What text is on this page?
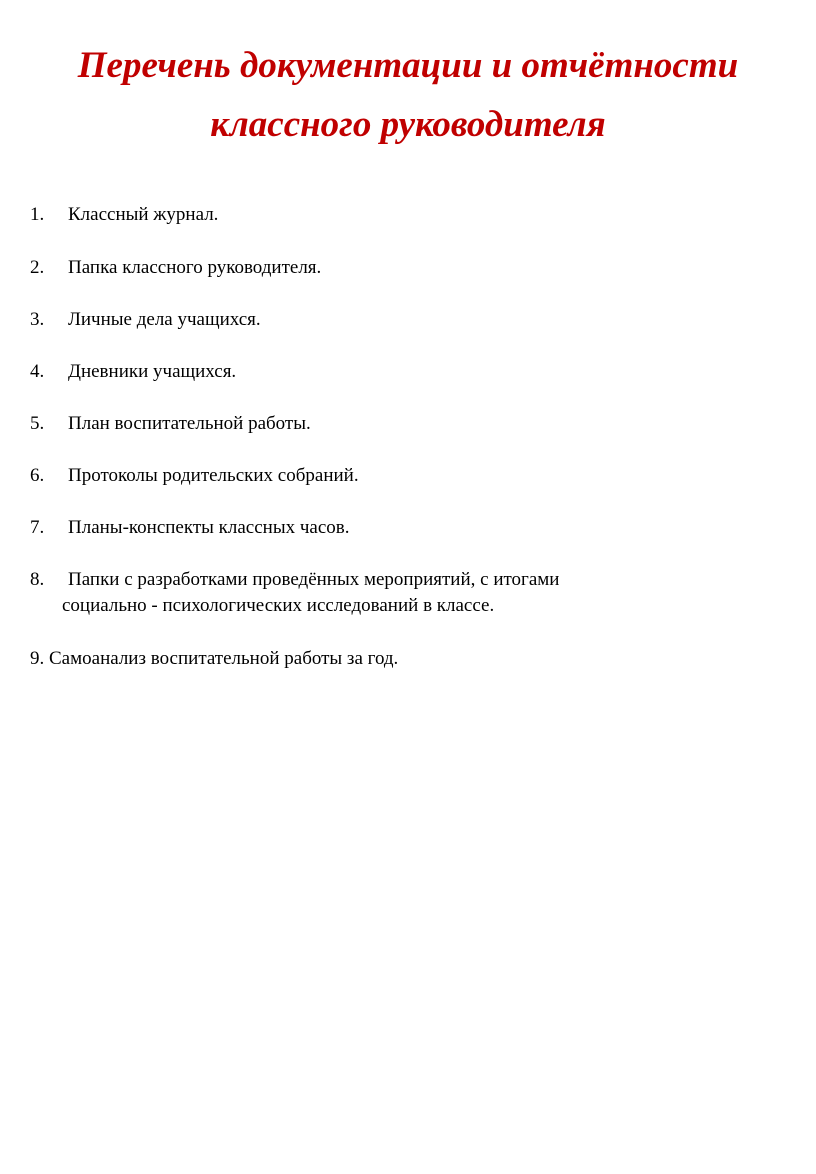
Перечень документации и отчётности
классного руководителя
1. Классный журнал.
2. Папка классного руководителя.
3. Личные дела учащихся.
4. Дневники учащихся.
5. План воспитательной работы.
6. Протоколы родительских собраний.
7. Планы-конспекты классных часов.
8. Папки с разработками проведённых мероприятий, с итогами
социально - психологических исследований в классе.
9. Самоанализ воспитательной работы за год.
